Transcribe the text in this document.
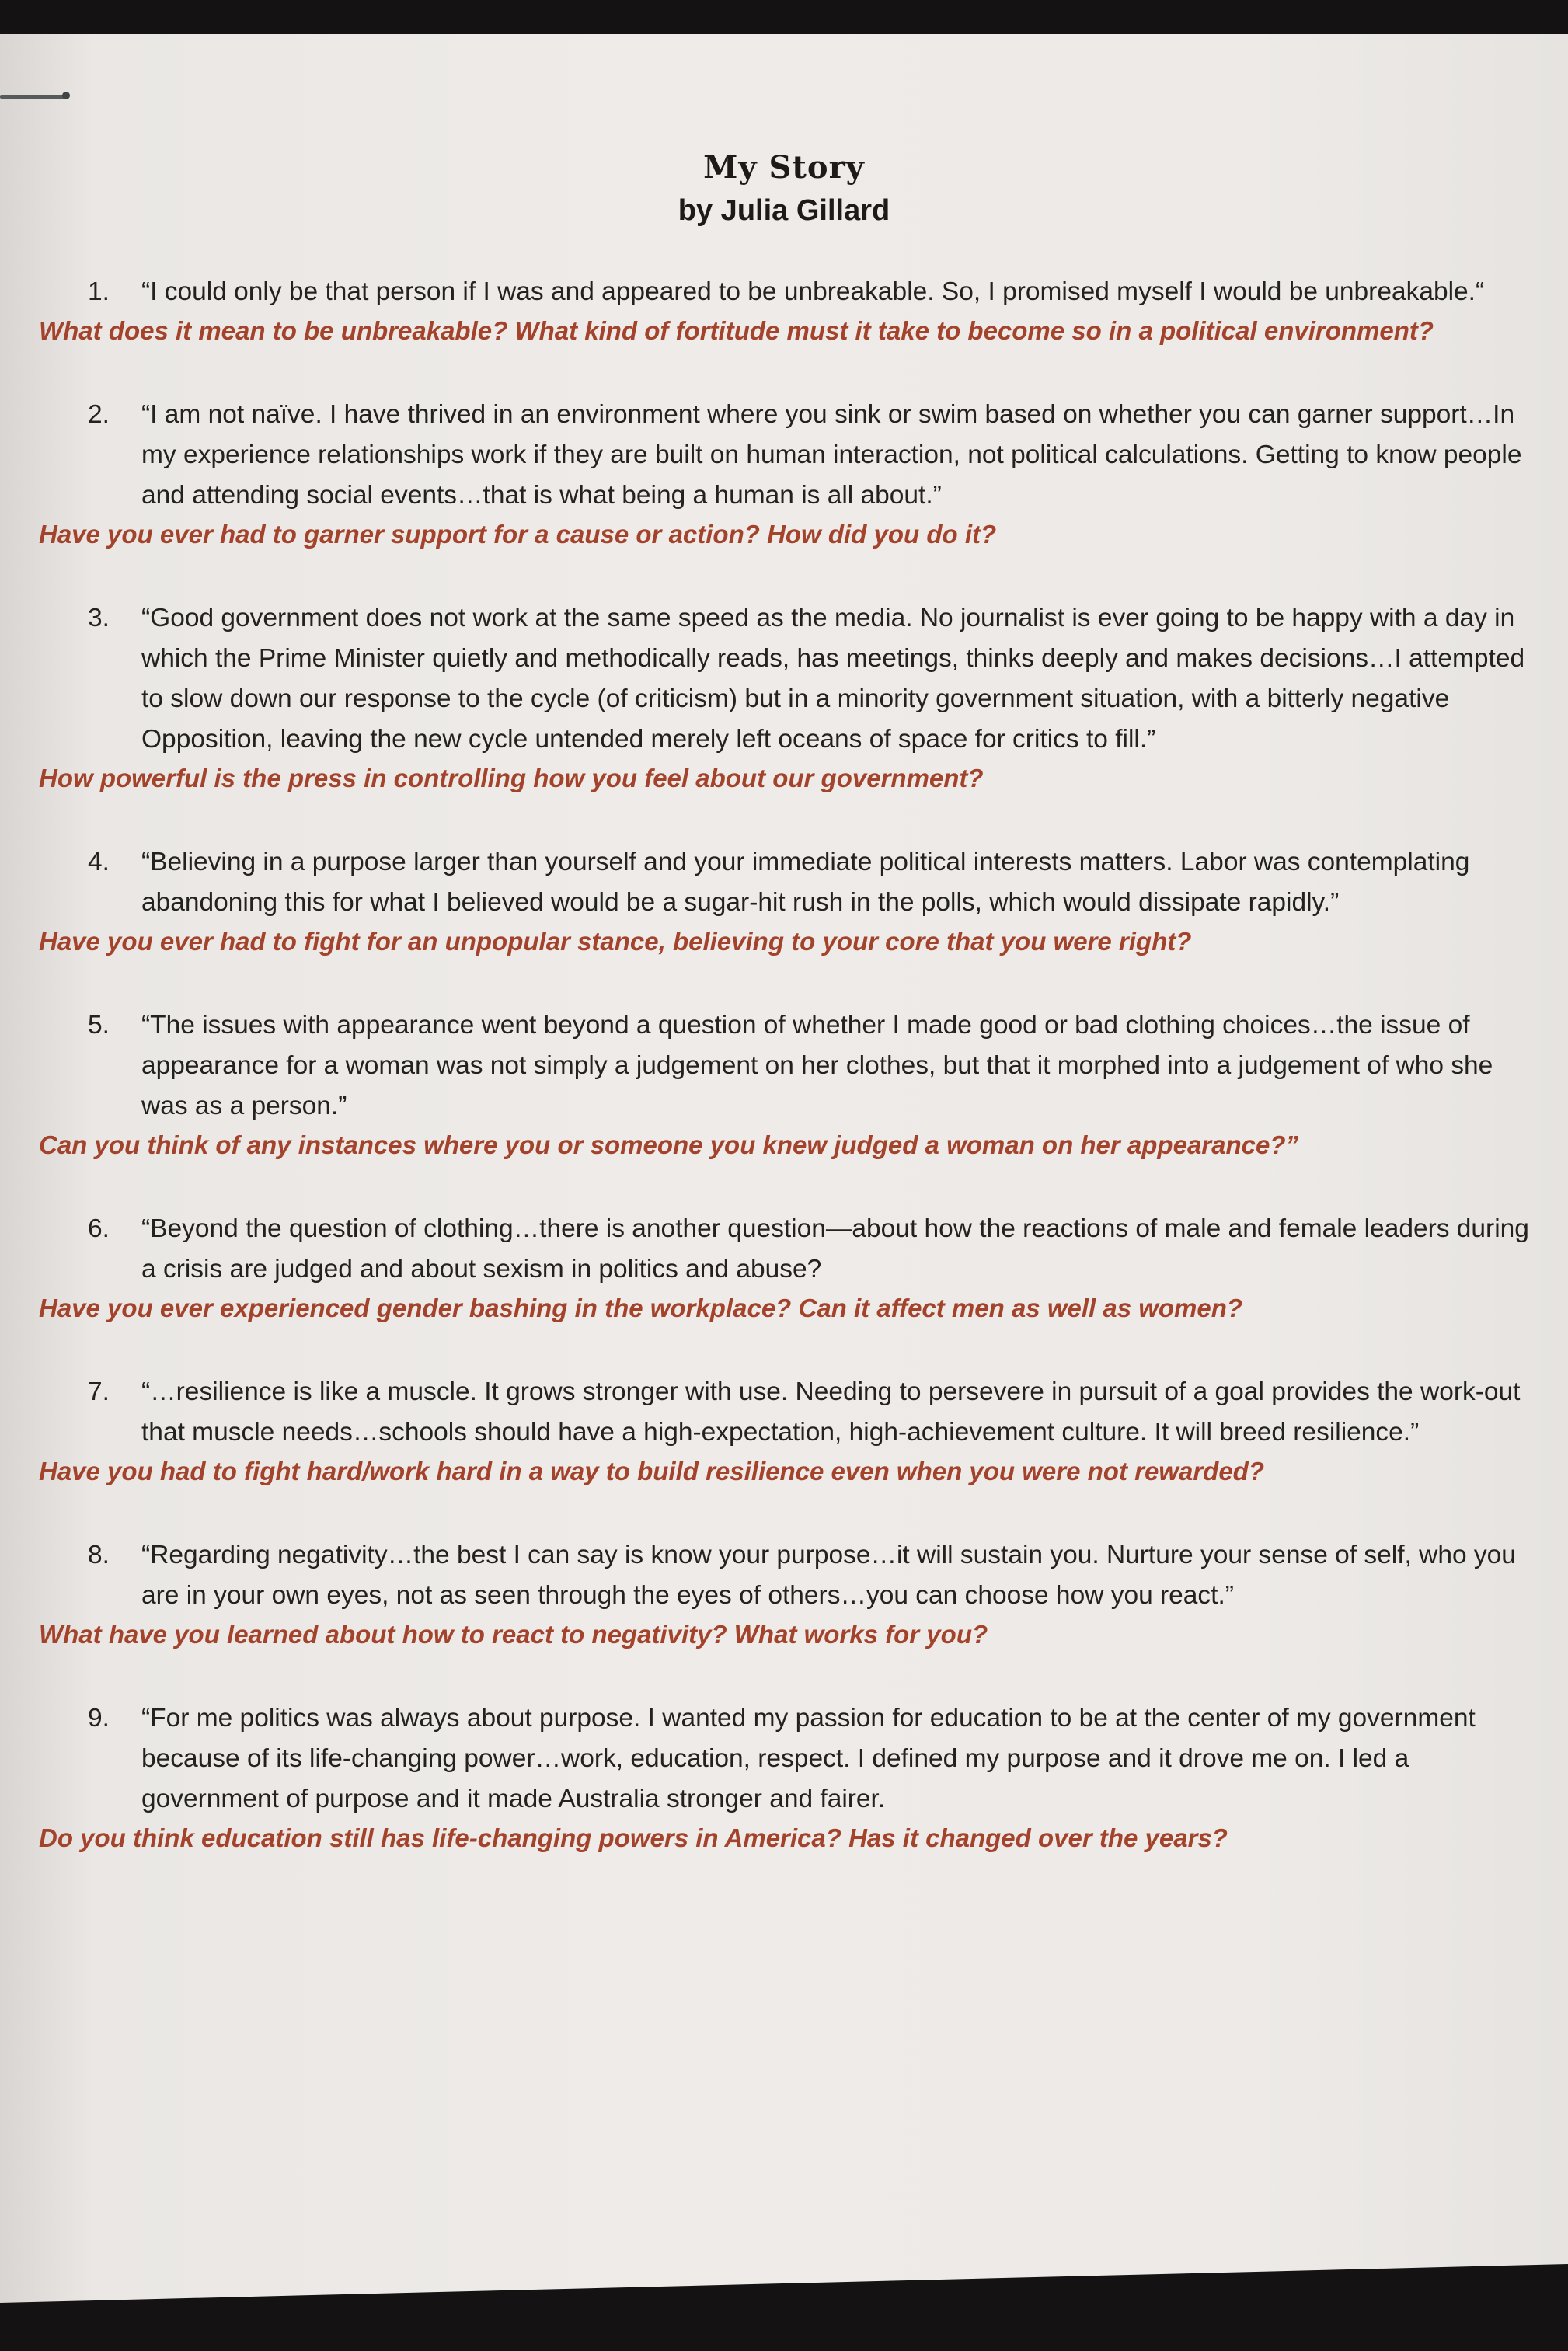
My Story
by Julia Gillard
1. “I could only be that person if I was and appeared to be unbreakable. So, I promised myself I would be unbreakable.“
What does it mean to be unbreakable? What kind of fortitude must it take to become so in a political environment?
2. “I am not naïve. I have thrived in an environment where you sink or swim based on whether you can garner support…In my experience relationships work if they are built on human interaction, not political calculations. Getting to know people and attending social events…that is what being a human is all about.”
Have you ever had to garner support for a cause or action? How did you do it?
3. “Good government does not work at the same speed as the media. No journalist is ever going to be happy with a day in which the Prime Minister quietly and methodically reads, has meetings, thinks deeply and makes decisions…I attempted to slow down our response to the cycle (of criticism) but in a minority government situation, with a bitterly negative Opposition, leaving the new cycle untended merely left oceans of space for critics to fill.”
How powerful is the press in controlling how you feel about our government?
4. “Believing in a purpose larger than yourself and your immediate political interests matters. Labor was contemplating abandoning this for what I believed would be a sugar-hit rush in the polls, which would dissipate rapidly.”
Have you ever had to fight for an unpopular stance, believing to your core that you were right?
5. “The issues with appearance went beyond a question of whether I made good or bad clothing choices…the issue of appearance for a woman was not simply a judgement on her clothes, but that it morphed into a judgement of who she was as a person.”
Can you think of any instances where you or someone you knew judged a woman on her appearance?”
6. “Beyond the question of clothing…there is another question—about how the reactions of male and female leaders during a crisis are judged and about sexism in politics and abuse?
Have you ever experienced gender bashing in the workplace? Can it affect men as well as women?
7. “…resilience is like a muscle. It grows stronger with use. Needing to persevere in pursuit of a goal provides the work-out that muscle needs…schools should have a high-expectation, high-achievement culture. It will breed resilience.”
Have you had to fight hard/work hard in a way to build resilience even when you were not rewarded?
8. “Regarding negativity…the best I can say is know your purpose…it will sustain you. Nurture your sense of self, who you are in your own eyes, not as seen through the eyes of others…you can choose how you react.”
What have you learned about how to react to negativity? What works for you?
9. “For me politics was always about purpose. I wanted my passion for education to be at the center of my government because of its life-changing power…work, education, respect. I defined my purpose and it drove me on. I led a government of purpose and it made Australia stronger and fairer.
Do you think education still has life-changing powers in America? Has it changed over the years?
